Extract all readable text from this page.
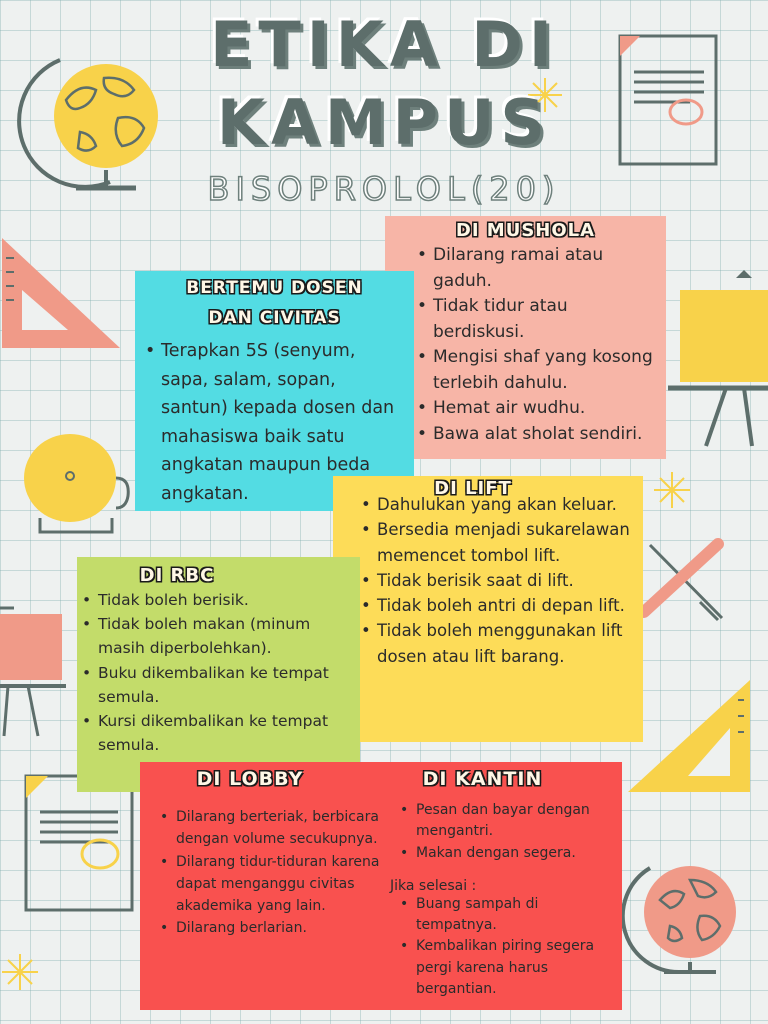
ETIKA DI
KAMPUS
BISOPROLOL(20)
DI MUSHOLA
• Dilarang ramai atau gaduh.
• Tidak tidur atau berdiskusi.
• Mengisi shaf yang kosong terlebih dahulu.
• Hemat air wudhu.
• Bawa alat sholat sendiri.
BERTEMU DOSEN
DAN CIVITAS
• Terapkan 5S (senyum, sapa, salam, sopan, santun) kepada dosen dan mahasiswa baik satu angkatan maupun beda angkatan.	DI LIFT
• Dahulukan yang akan keluar.
• Bersedia menjadi sukarelawan memencet tombol lift.
• Tidak berisik saat di lift.
• Tidak boleh antri di depan lift.
• Tidak boleh menggunakan lift dosen atau lift barang.
DI RBC
• Tidak boleh berisik.
• Tidak boleh makan (minum masih diperbolehkan).
• Buku dikembalikan ke tempat semula.
• Kursi dikembalikan ke tempat semula.
DI LOBBY
• Dilarang berteriak, berbicara dengan volume secukupnya.
• Dilarang tidur-tiduran karena dapat menganggu civitas akademika yang lain.
• Dilarang berlarian.
DI KANTIN
• Pesan dan bayar dengan mengantri.
• Makan dengan segera.

Jika selesai :

• Buang sampah di tempatnya.
• Kembalikan piring segera pergi karena harus bergantian.
